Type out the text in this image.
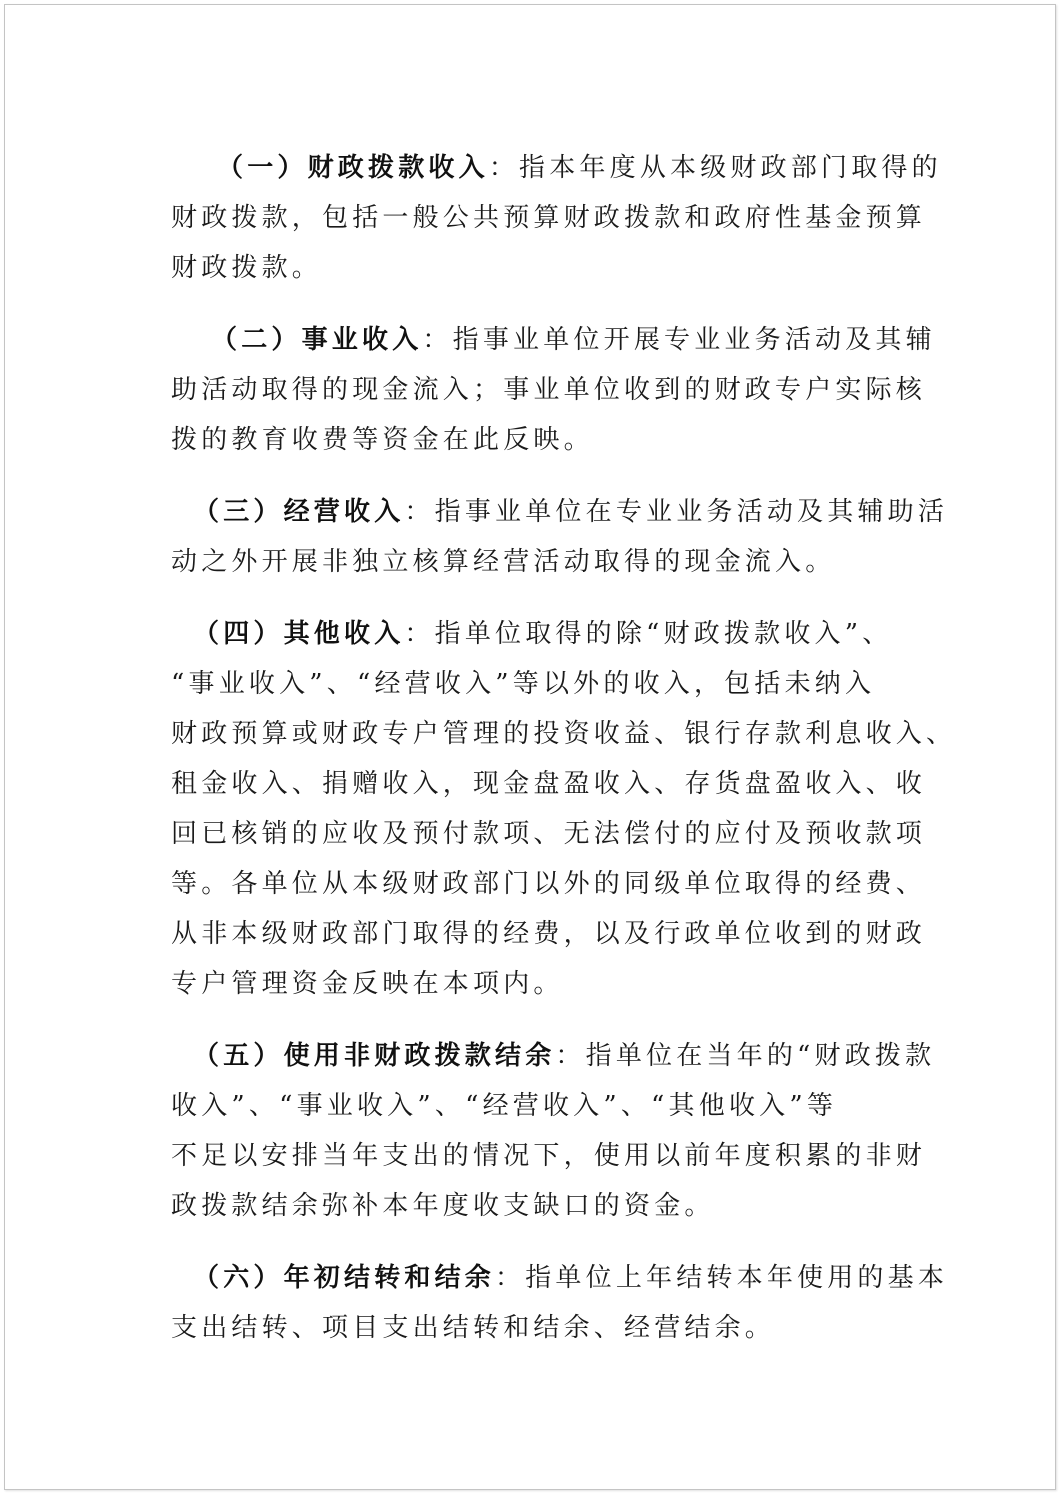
（一）财政拨款收入：指本年度从本级财政部门取得的
财政拨款，包括一般公共预算财政拨款和政府性基金预算
财政拨款。
（二）事业收入：指事业单位开展专业业务活动及其辅
助活动取得的现金流入；事业单位收到的财政专户实际核
拨的教育收费等资金在此反映。
（三）经营收入：指事业单位在专业业务活动及其辅助活
动之外开展非独立核算经营活动取得的现金流入。
（四）其他收入：指单位取得的除“财政拨款收入”、
“事业收入”、“经营收入”等以外的收入，包括未纳入
财政预算或财政专户管理的投资收益、银行存款利息收入、
租金收入、捐赠收入，现金盘盈收入、存货盘盈收入、收
回已核销的应收及预付款项、无法偿付的应付及预收款项
等。各单位从本级财政部门以外的同级单位取得的经费、
从非本级财政部门取得的经费，以及行政单位收到的财政
专户管理资金反映在本项内。
（五）使用非财政拨款结余：指单位在当年的“财政拨款
收入”、“事业收入”、“经营收入”、“其他收入”等
不足以安排当年支出的情况下，使用以前年度积累的非财
政拨款结余弥补本年度收支缺口的资金。
（六）年初结转和结余：指单位上年结转本年使用的基本
支出结转、项目支出结转和结余、经营结余。
